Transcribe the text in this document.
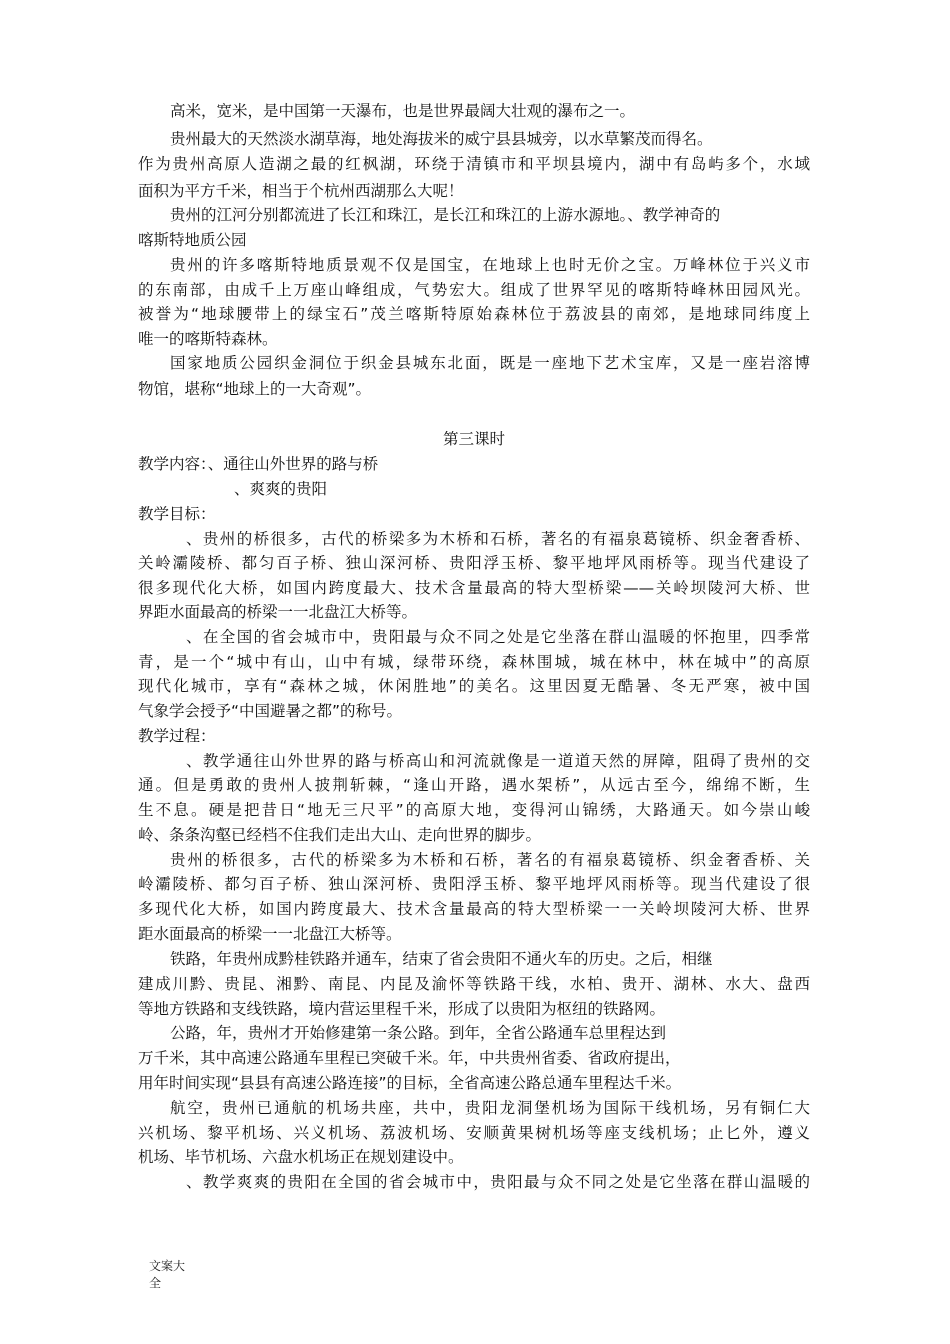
高米，宽米，是中国第一天瀑布，也是世界最阔大壮观的瀑布之一。
贵州最大的天然淡水湖草海，地处海拔米的威宁县县城旁，以水草繁茂而得名。
作为贵州高原人造湖之最的红枫湖，环绕于清镇市和平坝县境内，湖中有岛屿多个，水域
面积为平方千米，相当于个杭州西湖那么大呢！
贵州的江河分别都流进了长江和珠江，是长江和珠江的上游水源地。、教学神奇的
喀斯特地质公园
贵州的许多喀斯特地质景观不仅是国宝，在地球上也时无价之宝。万峰林位于兴义市
的东南部，由成千上万座山峰组成，气势宏大。组成了世界罕见的喀斯特峰林田园风光。
被誉为“地球腰带上的绿宝石”茂兰喀斯特原始森林位于荔波县的南郊，是地球同纬度上
唯一的喀斯特森林。
国家地质公园织金洞位于织金县城东北面，既是一座地下艺术宝库，又是一座岩溶博
物馆，堪称“地球上的一大奇观”。
第三课时
教学内容：、通往山外世界的路与桥
、爽爽的贵阳
教学目标：
、贵州的桥很多，古代的桥梁多为木桥和石桥，著名的有福泉葛镜桥、织金奢香桥、
关岭灞陵桥、都匀百子桥、独山深河桥、贵阳浮玉桥、黎平地坪风雨桥等。现当代建设了
很多现代化大桥，如国内跨度最大、技术含量最高的特大型桥梁——关岭坝陵河大桥、世
界距水面最高的桥梁一一北盘江大桥等。
、在全国的省会城市中，贵阳最与众不同之处是它坐落在群山温暖的怀抱里，四季常
青，是一个“城中有山，山中有城，绿带环绕，森林围城，城在林中，林在城中”的高原
现代化城市，享有“森林之城，休闲胜地”的美名。这里因夏无酷暑、冬无严寒，被中国
气象学会授予“中国避暑之都”的称号。
教学过程：
、教学通往山外世界的路与桥高山和河流就像是一道道天然的屏障，阻碍了贵州的交
通。但是勇敢的贵州人披荆斩棘，“逢山开路，遇水架桥”，从远古至今，绵绵不断，生
生不息。硬是把昔日“地无三尺平”的高原大地，变得河山锦绣，大路通天。如今崇山峻
岭、条条沟壑已经档不住我们走出大山、走向世界的脚步。
贵州的桥很多，古代的桥梁多为木桥和石桥，著名的有福泉葛镜桥、织金奢香桥、关
岭灞陵桥、都匀百子桥、独山深河桥、贵阳浮玉桥、黎平地坪风雨桥等。现当代建设了很
多现代化大桥，如国内跨度最大、技术含量最高的特大型桥梁一一关岭坝陵河大桥、世界
距水面最高的桥梁一一北盘江大桥等。
铁路，年贵州成黔桂铁路并通车，结束了省会贵阳不通火车的历史。之后，相继
建成川黔、贵昆、湘黔、南昆、内昆及渝怀等铁路干线，水柏、贵开、湖林、水大、盘西
等地方铁路和支线铁路，境内营运里程千米，形成了以贵阳为枢纽的铁路网。
公路，年，贵州才开始修建第一条公路。到年，全省公路通车总里程达到
万千米，其中高速公路通车里程已突破千米。年，中共贵州省委、省政府提出，
用年时间实现“县县有高速公路连接”的目标，全省高速公路总通车里程达千米。
航空，贵州已通航的机场共座，共中，贵阳龙洞堡机场为国际干线机场，另有铜仁大
兴机场、黎平机场、兴义机场、荔波机场、安顺黄果树机场等座支线机场；止匕外，遵义
机场、毕节机场、六盘水机场正在规划建设中。
、教学爽爽的贵阳在全国的省会城市中，贵阳最与众不同之处是它坐落在群山温暖的
文案大
全
